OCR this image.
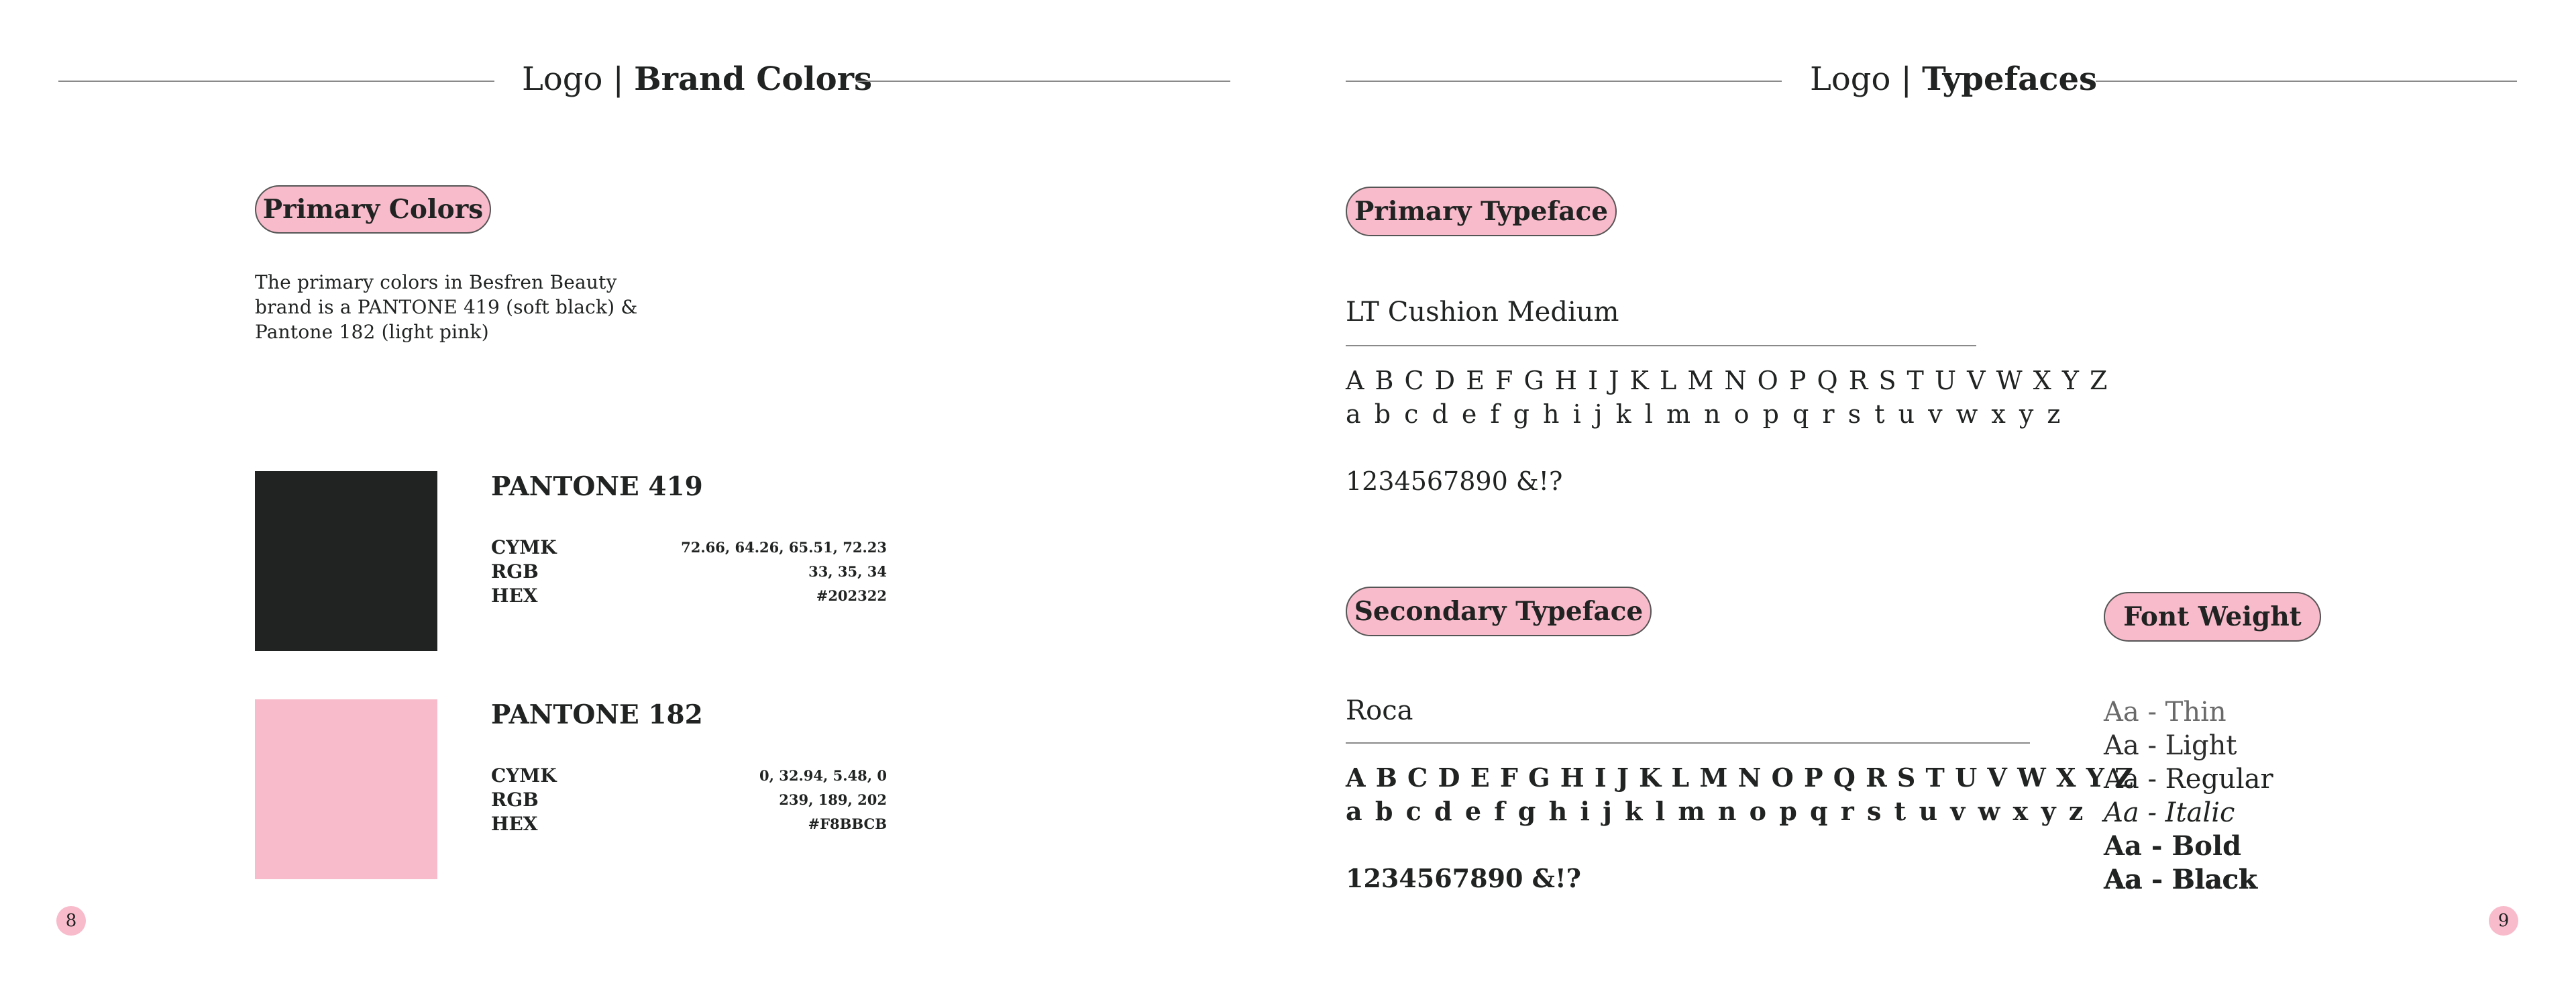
Logo | Brand Colors
Primary Colors
The primary colors in Besfren Beauty brand is a PANTONE 419 (soft black) & Pantone 182 (light pink)
PANTONE 419
CYMK	72.66, 64.26, 65.51, 72.23
RGB	33, 35, 34
HEX	#202322
PANTONE 182
CYMK	0, 32.94, 5.48, 0
RGB	239, 189, 202
HEX	#F8BBCB
8
Logo | Typefaces
Primary Typeface
LT Cushion Medium
A B C D E F G H I J K L M N O P Q R S T U V W X Y Z
a b c d e f g h i j k l m n o p q r s t u v w x y z
1234567890 &!?
Secondary Typeface
Roca
A B C D E F G H I J K L M N O P Q R S T U V W X Y Z
a b c d e f g h i j k l m n o p q r s t u v w x y z
1234567890 &!?
Font Weight
Aa - Thin
Aa - Light
Aa - Regular
Aa - Italic
Aa - Bold
Aa - Black
9
